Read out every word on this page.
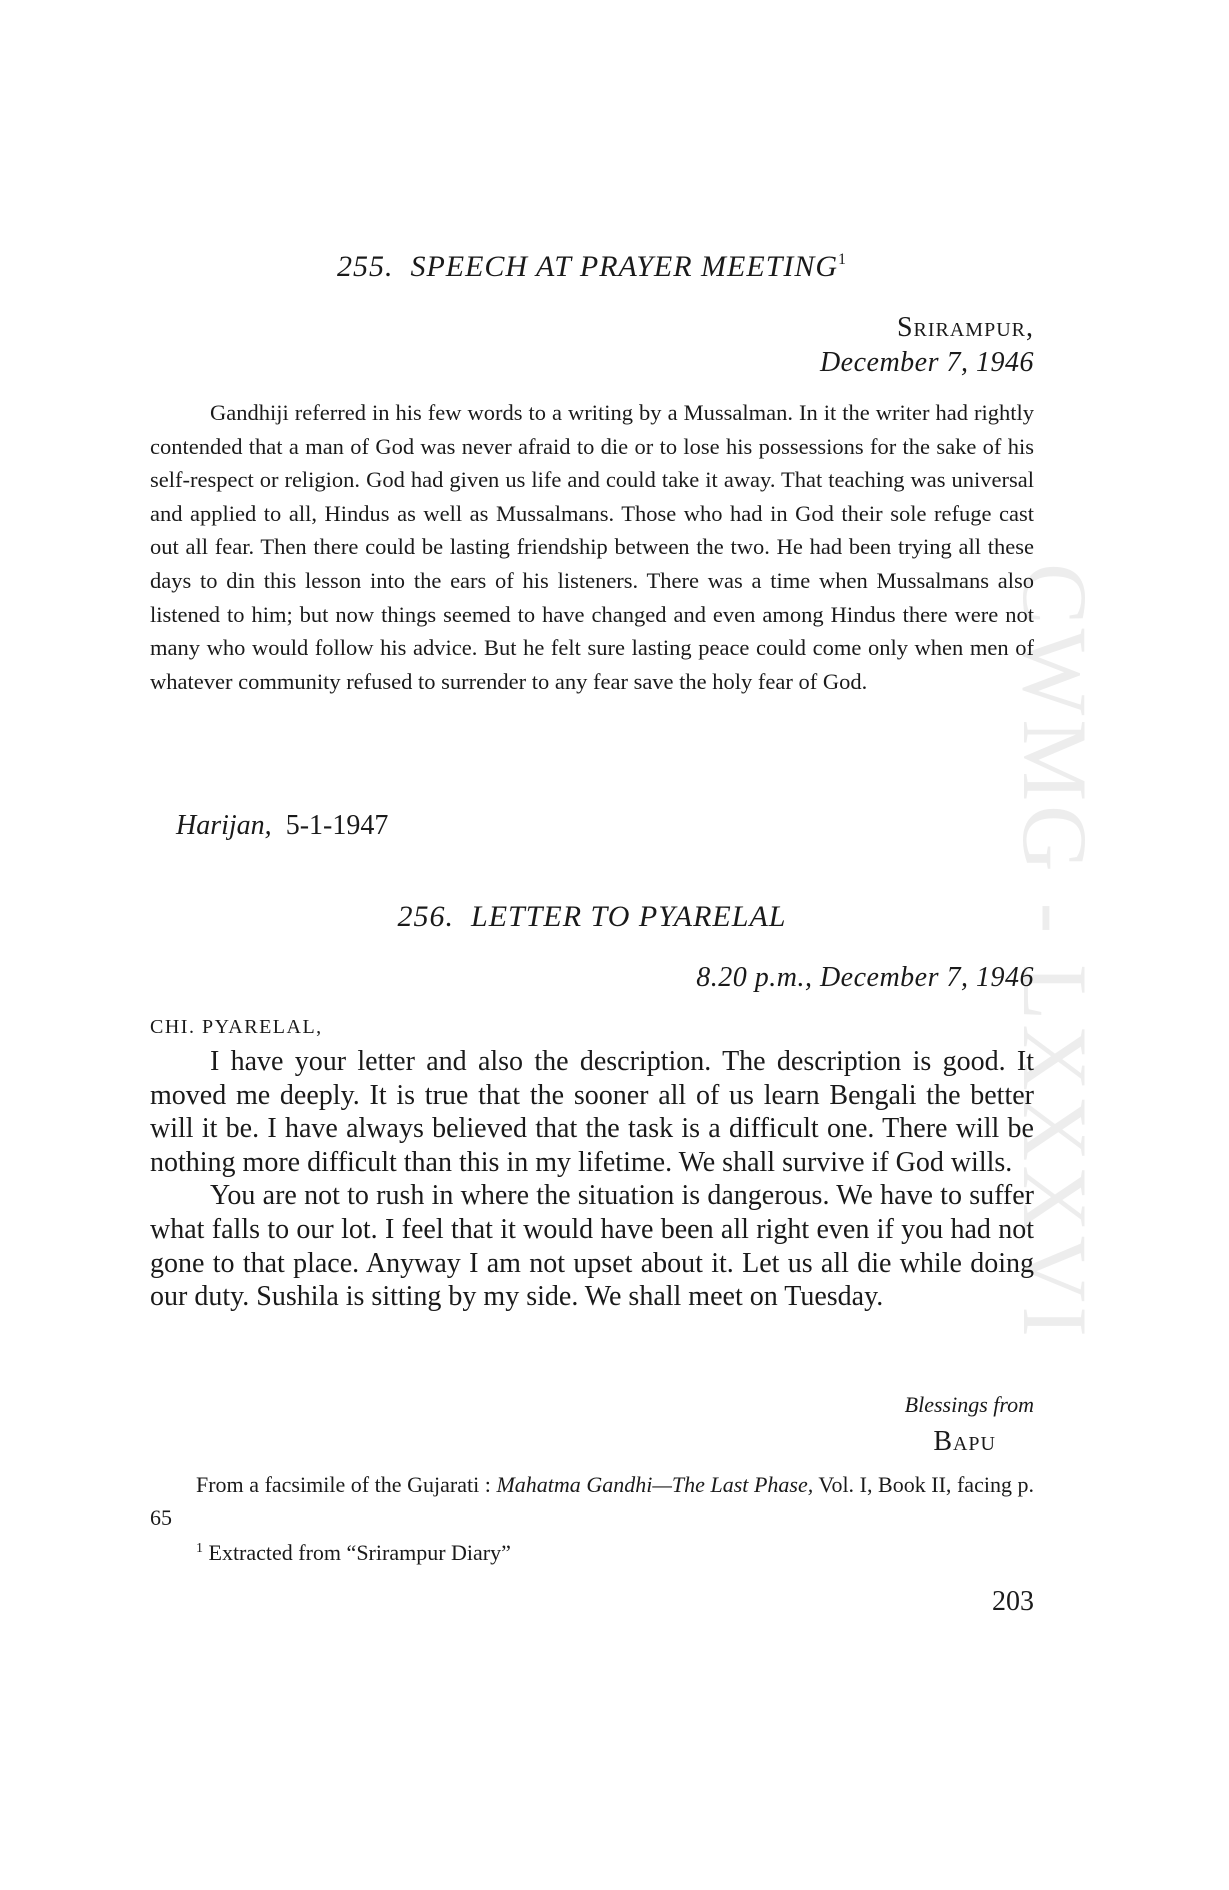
CWMG - LXXXVI
255. SPEECH AT PRAYER MEETING$^1$
Srirampur,
December 7, 1946
Gandhiji referred in his few words to a writing by a Mussalman. In it the writer had rightly contended that a man of God was never afraid to die or to lose his possessions for the sake of his self-respect or religion. God had given us life and could take it away. That teaching was universal and applied to all, Hindus as well as Mussalmans. Those who had in God their sole refuge cast out all fear. Then there could be lasting friendship between the two. He had been trying all these days to din this lesson into the ears of his listeners. There was a time when Mussalmans also listened to him; but now things seemed to have changed and even among Hindus there were not many who would follow his advice. But he felt sure lasting peace could come only when men of whatever community refused to surrender to any fear save the holy fear of God.
Harijan, 5-1-1947
256. LETTER TO PYARELAL
8.20 p.m., December 7, 1946
CHI. PYARELAL,

I have your letter and also the description. The description is good. It moved me deeply. It is true that the sooner all of us learn Bengali the better will it be. I have always believed that the task is a difficult one. There will be nothing more difficult than this in my lifetime. We shall survive if God wills.

You are not to rush in where the situation is dangerous. We have to suffer what falls to our lot. I feel that it would have been all right even if you had not gone to that place. Anyway I am not upset about it. Let us all die while doing our duty. Sushila is sitting by my side. We shall meet on Tuesday.

Blessings from
Bapu
From a facsimile of the Gujarati : Mahatma Gandhi—The Last Phase, Vol. I, Book II, facing p. 65
$^1$ Extracted from “Srirampur Diary”
203
